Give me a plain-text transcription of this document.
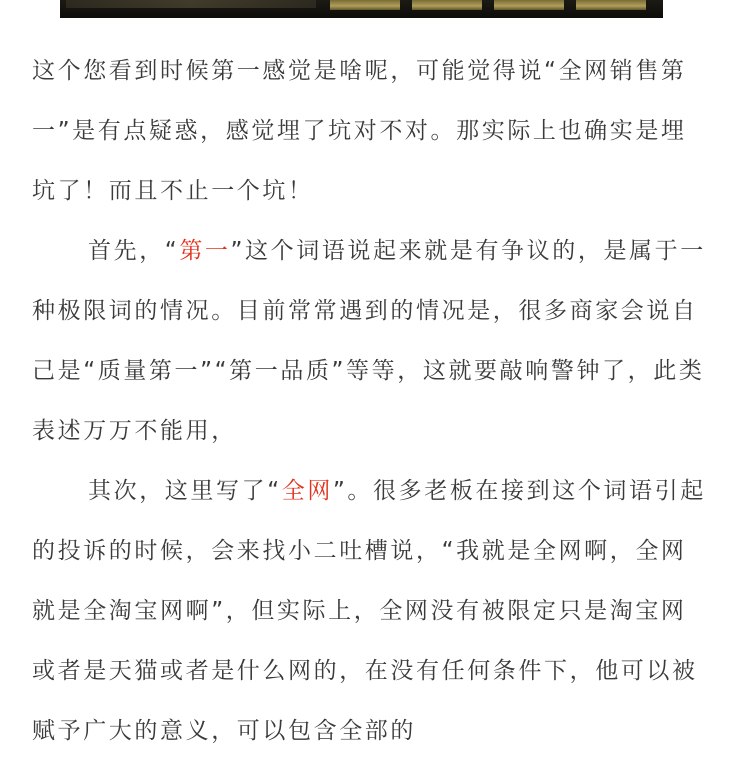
这个您看到时候第一感觉是啥呢，可能觉得说“全网销售第一”是有点疑惑，感觉埋了坑对不对。那实际上也确实是埋坑了！而且不止一个坑！

首先，“第一”这个词语说起来就是有争议的，是属于一种极限词的情况。目前常常遇到的情况是，很多商家会说自己是“质量第一”“第一品质”等等，这就要敲响警钟了，此类表述万万不能用，

其次，这里写了“全网”。很多老板在接到这个词语引起的投诉的时候，会来找小二吐槽说，“我就是全网啊，全网就是全淘宝网啊”，但实际上，全网没有被限定只是淘宝网或者是天猫或者是什么网的，在没有任何条件下，他可以被赋予广大的意义，可以包含全部的
